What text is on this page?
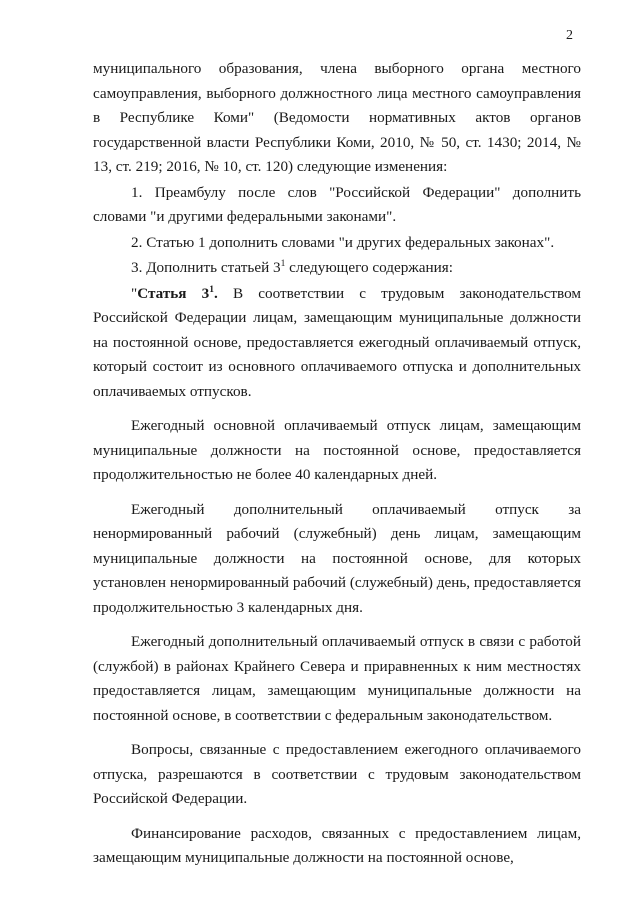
2

муниципального образования, члена выборного органа местного самоуправления, выборного должностного лица местного самоуправления в Республике Коми" (Ведомости нормативных актов органов государственной власти Республики Коми, 2010, № 50, ст. 1430; 2014, № 13, ст. 219; 2016, № 10, ст. 120) следующие изменения:

1. Преамбулу после слов "Российской Федерации" дополнить словами "и другими федеральными законами".

2. Статью 1 дополнить словами "и других федеральных законах".

3. Дополнить статьей $3^1$ следующего содержания:

"Статья $3^1$. В соответствии с трудовым законодательством Российской Федерации лицам, замещающим муниципальные должности на постоянной основе, предоставляется ежегодный оплачиваемый отпуск, который состоит из основного оплачиваемого отпуска и дополнительных оплачиваемых отпусков.

Ежегодный основной оплачиваемый отпуск лицам, замещающим муниципальные должности на постоянной основе, предоставляется продолжительностью не более 40 календарных дней.

Ежегодный дополнительный оплачиваемый отпуск за ненормированный рабочий (служебный) день лицам, замещающим муниципальные должности на постоянной основе, для которых установлен ненормированный рабочий (служебный) день, предоставляется продолжительностью 3 календарных дня.

Ежегодный дополнительный оплачиваемый отпуск в связи с работой (службой) в районах Крайнего Севера и приравненных к ним местностях предоставляется лицам, замещающим муниципальные должности на постоянной основе, в соответствии с федеральным законодательством.

Вопросы, связанные с предоставлением ежегодного оплачиваемого отпуска, разрешаются в соответствии с трудовым законодательством Российской Федерации.

Финансирование расходов, связанных с предоставлением лицам, замещающим муниципальные должности на постоянной основе,
